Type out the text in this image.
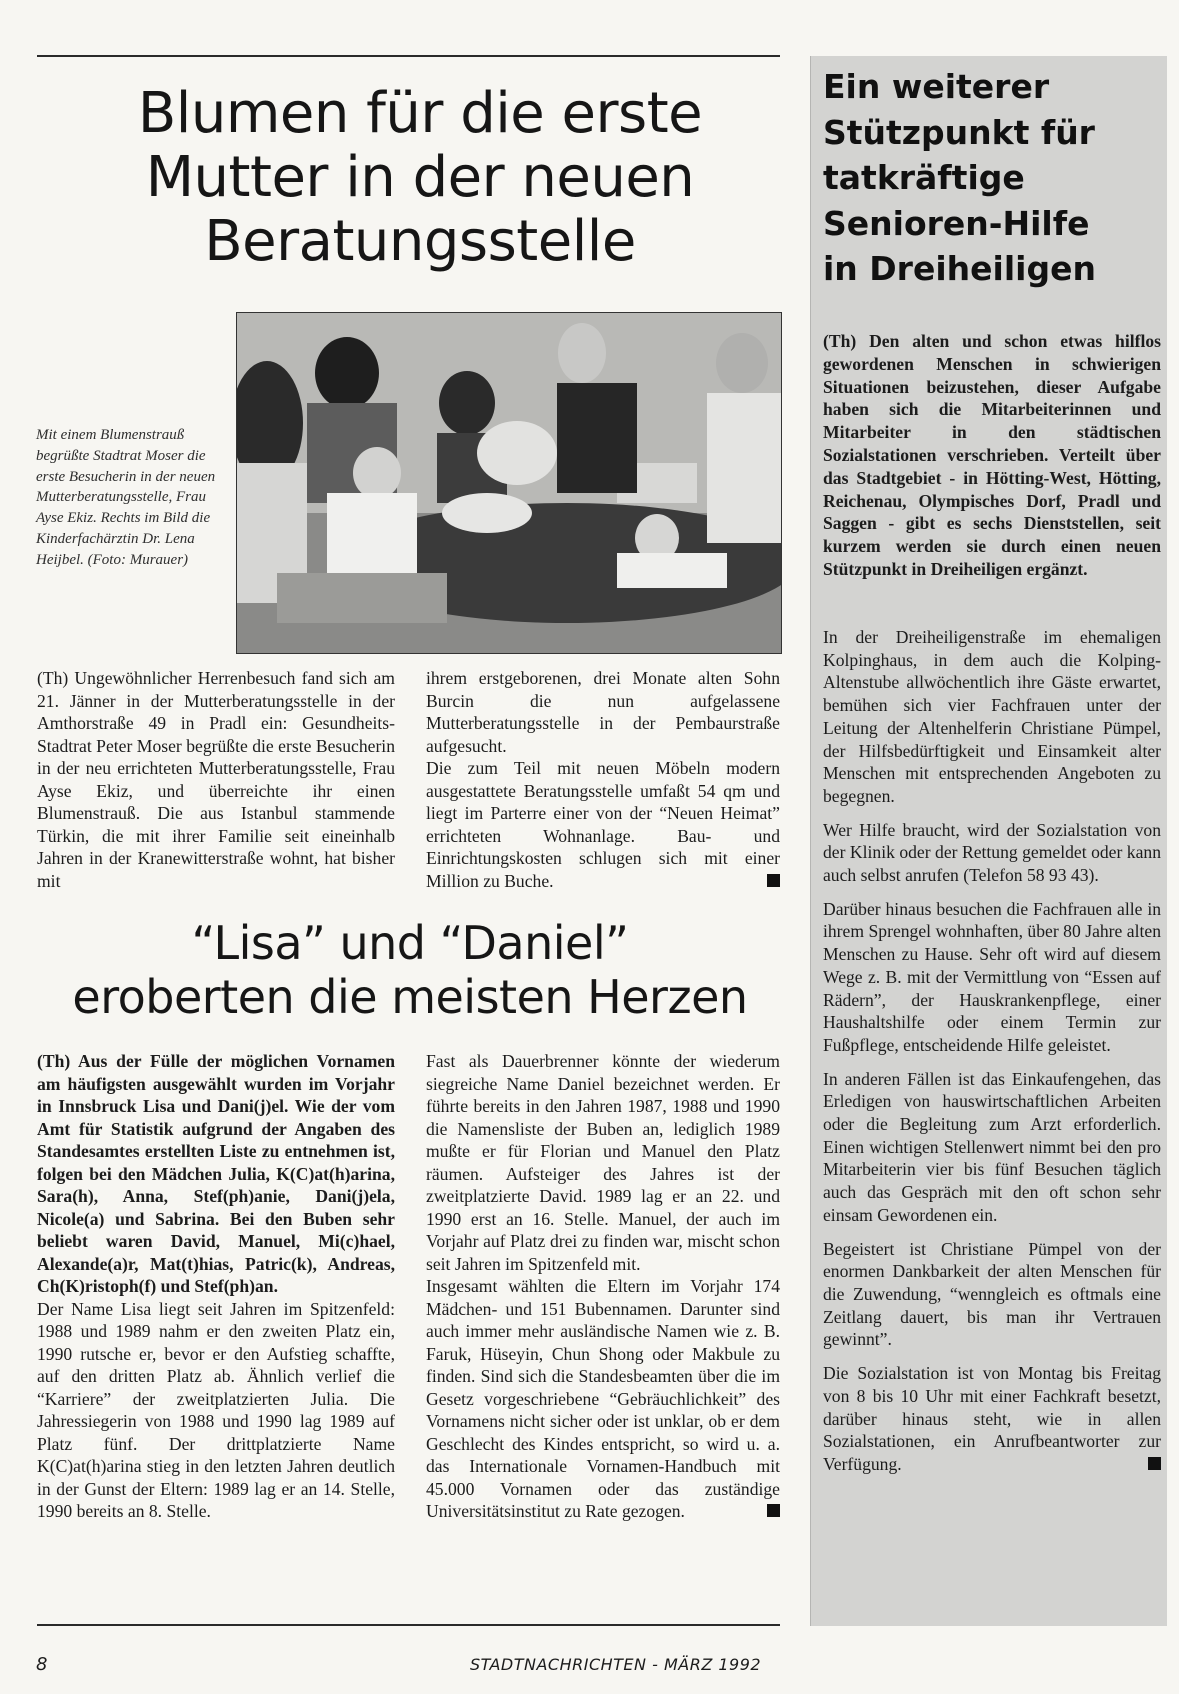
Blumen für die erste
Mutter in der neuen
Beratungsstelle

Mit einem Blumenstrauß begrüßte Stadtrat Moser die erste Besucherin in der neuen Mutterberatungsstelle, Frau Ayse Ekiz. Rechts im Bild die Kinderfachärztin Dr. Lena Heijbel. (Foto: Murauer)

(Th) Ungewöhnlicher Herrenbesuch fand sich am 21. Jänner in der Mutterberatungsstelle in der Amthorstraße 49 in Pradl ein: Gesundheits-Stadtrat Peter Moser begrüßte die erste Besucherin in der neu errichteten Mutterberatungsstelle, Frau Ayse Ekiz, und überreichte ihr einen Blumenstrauß. Die aus Istanbul stammende Türkin, die mit ihrer Familie seit eineinhalb Jahren in der Kranewitterstraße wohnt, hat bisher mit

ihrem erstgeborenen, drei Monate alten Sohn Burcin die nun aufgelassene Mutterberatungsstelle in der Pembaurstraße aufgesucht.

Die zum Teil mit neuen Möbeln modern ausgestattete Beratungsstelle umfaßt 54 qm und liegt im Parterre einer von der “Neuen Heimat” errichteten Wohnanlage. Bau- und Einrichtungskosten schlugen sich mit einer Million zu Buche.

“Lisa” und “Daniel”
eroberten die meisten Herzen

(Th) Aus der Fülle der möglichen Vornamen am häufigsten ausgewählt wurden im Vorjahr in Innsbruck Lisa und Dani(j)el. Wie der vom Amt für Statistik aufgrund der Angaben des Standesamtes erstellten Liste zu entnehmen ist, folgen bei den Mädchen Julia, K(C)at(h)arina, Sara(h), Anna, Stef(ph)anie, Dani(j)ela, Nicole(a) und Sabrina. Bei den Buben sehr beliebt waren David, Manuel, Mi(c)hael, Alexande(a)r, Mat(t)hias, Patric(k), Andreas, Ch(K)ristoph(f) und Stef(ph)an.

Der Name Lisa liegt seit Jahren im Spitzenfeld: 1988 und 1989 nahm er den zweiten Platz ein, 1990 rutsche er, bevor er den Aufstieg schaffte, auf den dritten Platz ab. Ähnlich verlief die “Karriere” der zweitplatzierten Julia. Die Jahressiegerin von 1988 und 1990 lag 1989 auf Platz fünf. Der drittplatzierte Name K(C)at(h)arina stieg in den letzten Jahren deutlich in der Gunst der Eltern: 1989 lag er an 14. Stelle, 1990 bereits an 8. Stelle.

Fast als Dauerbrenner könnte der wiederum siegreiche Name Daniel bezeichnet werden. Er führte bereits in den Jahren 1987, 1988 und 1990 die Namensliste der Buben an, lediglich 1989 mußte er für Florian und Manuel den Platz räumen. Aufsteiger des Jahres ist der zweitplatzierte David. 1989 lag er an 22. und 1990 erst an 16. Stelle. Manuel, der auch im Vorjahr auf Platz drei zu finden war, mischt schon seit Jahren im Spitzenfeld mit.

Insgesamt wählten die Eltern im Vorjahr 174 Mädchen- und 151 Bubennamen. Darunter sind auch immer mehr ausländische Namen wie z. B. Faruk, Hüseyin, Chun Shong oder Makbule zu finden. Sind sich die Standesbeamten über die im Gesetz vorgeschriebene “Gebräuchlichkeit” des Vornamens nicht sicher oder ist unklar, ob er dem Geschlecht des Kindes entspricht, so wird u. a. das Internationale Vornamen-Handbuch mit 45.000 Vornamen oder das zuständige Universitätsinstitut zu Rate gezogen.

Ein weiterer
Stützpunkt für
tatkräftige
Senioren-Hilfe
in Dreiheiligen

(Th) Den alten und schon etwas hilflos gewordenen Menschen in schwierigen Situationen beizustehen, dieser Aufgabe haben sich die Mitarbeiterinnen und Mitarbeiter in den städtischen Sozialstationen verschrieben. Verteilt über das Stadtgebiet - in Hötting-West, Hötting, Reichenau, Olympisches Dorf, Pradl und Saggen - gibt es sechs Dienststellen, seit kurzem werden sie durch einen neuen Stützpunkt in Dreiheiligen ergänzt.

In der Dreiheiligenstraße im ehemaligen Kolpinghaus, in dem auch die Kolping-Altenstube allwöchentlich ihre Gäste erwartet, bemühen sich vier Fachfrauen unter der Leitung der Altenhelferin Christiane Pümpel, der Hilfsbedürftigkeit und Einsamkeit alter Menschen mit entsprechenden Angeboten zu begegnen.

Wer Hilfe braucht, wird der Sozialstation von der Klinik oder der Rettung gemeldet oder kann auch selbst anrufen (Telefon 58 93 43).

Darüber hinaus besuchen die Fachfrauen alle in ihrem Sprengel wohnhaften, über 80 Jahre alten Menschen zu Hause. Sehr oft wird auf diesem Wege z. B. mit der Vermittlung von “Essen auf Rädern”, der Hauskrankenpflege, einer Haushaltshilfe oder einem Termin zur Fußpflege, entscheidende Hilfe geleistet.

In anderen Fällen ist das Einkaufengehen, das Erledigen von hauswirtschaftlichen Arbeiten oder die Begleitung zum Arzt erforderlich. Einen wichtigen Stellenwert nimmt bei den pro Mitarbeiterin vier bis fünf Besuchen täglich auch das Gespräch mit den oft schon sehr einsam Gewordenen ein.

Begeistert ist Christiane Pümpel von der enormen Dankbarkeit der alten Menschen für die Zuwendung, “wenngleich es oftmals eine Zeitlang dauert, bis man ihr Vertrauen gewinnt”.

Die Sozialstation ist von Montag bis Freitag von 8 bis 10 Uhr mit einer Fachkraft besetzt, darüber hinaus steht, wie in allen Sozialstationen, ein Anrufbeantworter zur Verfügung.

8	STADTNACHRICHTEN - MÄRZ 1992
